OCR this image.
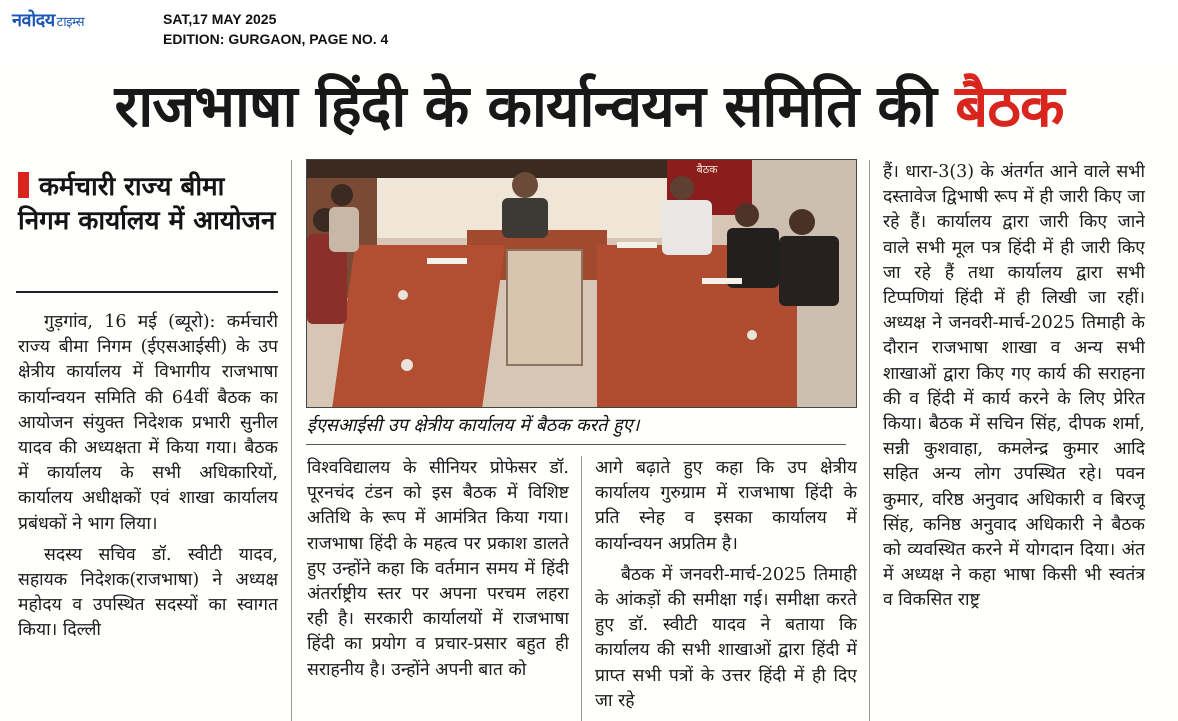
नवोदय टाइम्स	SAT,17 MAY 2025
EDITION: GURGAON, PAGE NO. 4
राजभाषा हिंदी के कार्यान्वयन समिति की बैठक
कर्मचारी राज्य बीमा निगम कार्यालय में आयोजन

गुड़गांव, 16 मई (ब्यूरो): कर्मचारी राज्य बीमा निगम (ईएसआईसी) के उप क्षेत्रीय कार्यालय में विभागीय राजभाषा कार्यान्वयन समिति की 64वीं बैठक का आयोजन संयुक्त निदेशक प्रभारी सुनील यादव की अध्यक्षता में किया गया। बैठक में कार्यालय के सभी अधिकारियों, कार्यालय अधीक्षकों एवं शाखा कार्यालय प्रबंधकों ने भाग लिया।

सदस्य सचिव डॉ. स्वीटी यादव, सहायक निदेशक(राजभाषा) ने अध्यक्ष महोदय व उपस्थित सदस्यों का स्वागत किया। दिल्ली

बैठक
ईएसआईसी उप क्षेत्रीय कार्यालय में बैठक करते हुए।

विश्वविद्यालय के सीनियर प्रोफेसर डॉ. पूरनचंद टंडन को इस बैठक में विशिष्ट अतिथि के रूप में आमंत्रित किया गया। राजभाषा हिंदी के महत्व पर प्रकाश डालते हुए उन्होंने कहा कि वर्तमान समय में हिंदी अंतर्राष्ट्रीय स्तर पर अपना परचम लहरा रही है। सरकारी कार्यालयों में राजभाषा हिंदी का प्रयोग व प्रचार-प्रसार बहुत ही सराहनीय है। उन्होंने अपनी बात को

आगे बढ़ाते हुए कहा कि उप क्षेत्रीय कार्यालय गुरुग्राम में राजभाषा हिंदी के प्रति स्नेह व इसका कार्यालय में कार्यान्वयन अप्रतिम है।

बैठक में जनवरी-मार्च-2025 तिमाही के आंकड़ों की समीक्षा गई। समीक्षा करते हुए डॉ. स्वीटी यादव ने बताया कि कार्यालय की सभी शाखाओं द्वारा हिंदी में प्राप्त सभी पत्रों के उत्तर हिंदी में ही दिए जा रहे

हैं। धारा-3(3) के अंतर्गत आने वाले सभी दस्तावेज द्विभाषी रूप में ही जारी किए जा रहे हैं। कार्यालय द्वारा जारी किए जाने वाले सभी मूल पत्र हिंदी में ही जारी किए जा रहे हैं तथा कार्यालय द्वारा सभी टिप्पणियां हिंदी में ही लिखी जा रहीं। अध्यक्ष ने जनवरी-मार्च-2025 तिमाही के दौरान राजभाषा शाखा व अन्य सभी शाखाओं द्वारा किए गए कार्य की सराहना की व हिंदी में कार्य करने के लिए प्रेरित किया। बैठक में सचिन सिंह, दीपक शर्मा, सन्नी कुशवाहा, कमलेन्द्र कुमार आदि सहित अन्य लोग उपस्थित रहे। पवन कुमार, वरिष्ठ अनुवाद अधिकारी व बिरजू सिंह, कनिष्ठ अनुवाद अधिकारी ने बैठक को व्यवस्थित करने में योगदान दिया। अंत में अध्यक्ष ने कहा भाषा किसी भी स्वतंत्र व विकसित राष्ट्र
